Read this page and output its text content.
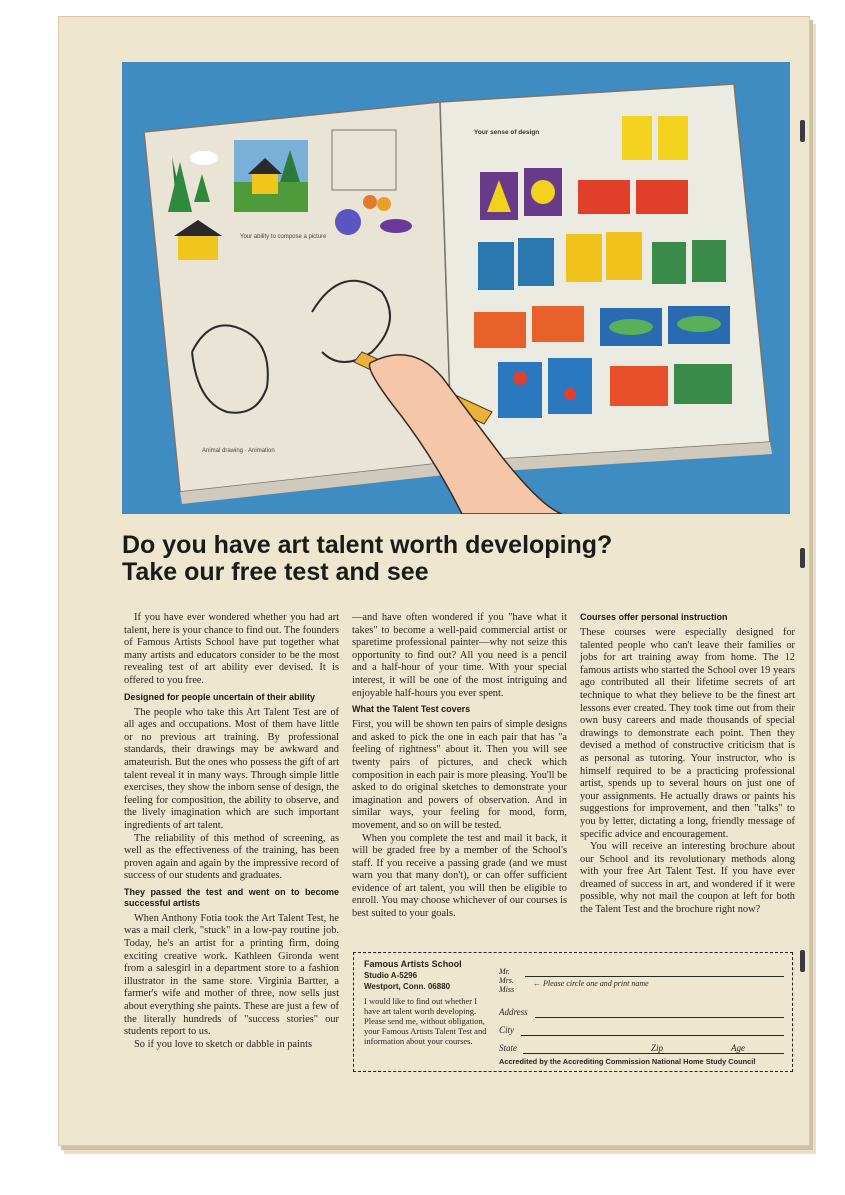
Animal drawing · Animation
Your ability to compose a picture
Your sense of design
Do you have art talent worth developing?
Take our free test and see

If you have ever wondered whether you had art talent, here is your chance to find out. The founders of Famous Artists School have put together what many artists and educators consider to be the most revealing test of art ability ever devised. It is offered to you free.

Designed for people uncertain of their ability

The people who take this Art Talent Test are of all ages and occupations. Most of them have little or no previous art training. By professional standards, their drawings may be awkward and amateurish. But the ones who possess the gift of art talent reveal it in many ways. Through simple little exercises, they show the inborn sense of design, the feeling for composition, the ability to observe, and the lively imagination which are such important ingredients of art talent.

The reliability of this method of screening, as well as the effectiveness of the training, has been proven again and again by the impressive record of success of our students and graduates.

They passed the test and went on to become successful artists

When Anthony Fotia took the Art Talent Test, he was a mail clerk, "stuck" in a low-pay routine job. Today, he's an artist for a printing firm, doing exciting creative work. Kathleen Gironda went from a salesgirl in a department store to a fashion illustrator in the same store. Virginia Bartter, a farmer's wife and mother of three, now sells just about everything she paints. These are just a few of the literally hundreds of "success stories" our students report to us.

So if you love to sketch or dabble in paints

—and have often wondered if you "have what it takes" to become a well-paid commercial artist or sparetime professional painter—why not seize this opportunity to find out? All you need is a pencil and a half-hour of your time. With your special interest, it will be one of the most intriguing and enjoyable half-hours you ever spent.

What the Talent Test covers

First, you will be shown ten pairs of simple designs and asked to pick the one in each pair that has "a feeling of rightness" about it. Then you will see twenty pairs of pictures, and check which composition in each pair is more pleasing. You'll be asked to do original sketches to demonstrate your imagination and powers of observation. And in similar ways, your feeling for mood, form, movement, and so on will be tested.

When you complete the test and mail it back, it will be graded free by a member of the School's staff. If you receive a passing grade (and we must warn you that many don't), or can offer sufficient evidence of art talent, you will then be eligible to enroll. You may choose whichever of our courses is best suited to your goals.

Courses offer personal instruction

These courses were especially designed for talented people who can't leave their families or jobs for art training away from home. The 12 famous artists who started the School over 19 years ago contributed all their lifetime secrets of art technique to what they believe to be the finest art lessons ever created. They took time out from their own busy careers and made thousands of special drawings to demonstrate each point. Then they devised a method of constructive criticism that is as personal as tutoring. Your instructor, who is himself required to be a practicing professional artist, spends up to several hours on just one of your assignments. He actually draws or paints his suggestions for improvement, and then "talks" to you by letter, dictating a long, friendly message of specific advice and encouragement.

You will receive an interesting brochure about our School and its revolutionary methods along with your free Art Talent Test. If you have ever dreamed of success in art, and wondered if it were possible, why not mail the coupon at left for both the Talent Test and the brochure right now?

Famous Artists School
Studio A-5296
Westport, Conn. 06880
I would like to find out whether I have art talent worth developing. Please send me, without obligation, your Famous Artists Talent Test and information about your courses.
Mr.
Mrs.
Miss
← Please circle one and print name
Address
City
State	Zip	Age
Accredited by the Accrediting Commission National Home Study Council
